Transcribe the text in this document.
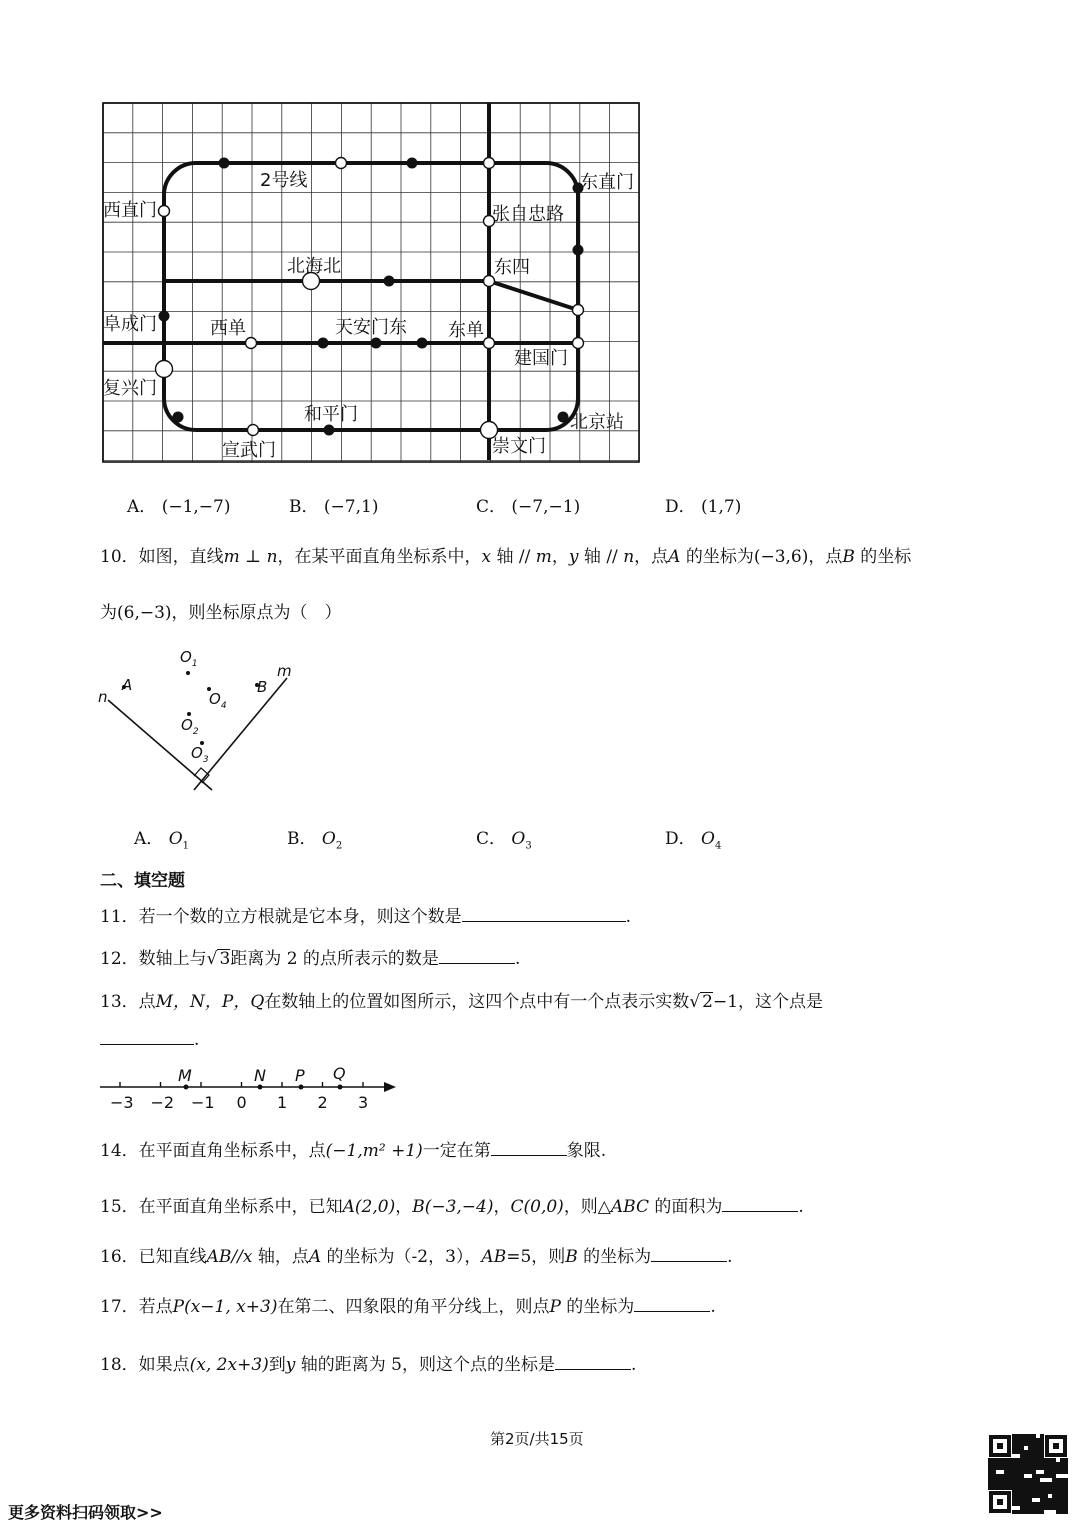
西直门
2号线	东直门
张自忠路
北海北	东四
阜成门	西单	天安门东 东单
建国门
复兴门
和平门	北京站
宣武门	崇文门
A． (−1,−7)	B． (−7,1)	C． (−7,−1)	D． (1,7)
10．如图，直线m ⊥ n，在某平面直角坐标系中，x 轴 // m，y 轴 // n，点A 的坐标为(−3,6)，点B 的坐标
为(6,−3)，则坐标原点为（　）
n
m
A	B
$O_1$
$O_4$
$O_2$
$O_3$
A． $O_1$	B． $O_2$	C． $O_3$	D． $O_4$
二、填空题
11．若一个数的立方根就是它本身，则这个数是	.
12．数轴上与√ 3距离为 2 的点所表示的数是	.
13．点M，N，P，Q在数轴上的位置如图所示，这四个点中有一个点表示实数√ 2−1，这个点是
.
−3 −2 −1 0 1 2 3
M	N P Q
14．在平面直角坐标系中，点(−1,m² +1)一定在第	象限.
15．在平面直角坐标系中，已知A(2,0)，B(−3,−4)，C(0,0)，则△ABC 的面积为	.
16．已知直线AB//x 轴，点A 的坐标为（-2，3），AB=5，则B 的坐标为	.
17．若点P(x−1, x+3)在第二、四象限的角平分线上，则点P 的坐标为	.
18．如果点(x, 2x+3)到y 轴的距离为 5，则这个点的坐标是	.
第2页/共15页
更多资料扫码领取>>
